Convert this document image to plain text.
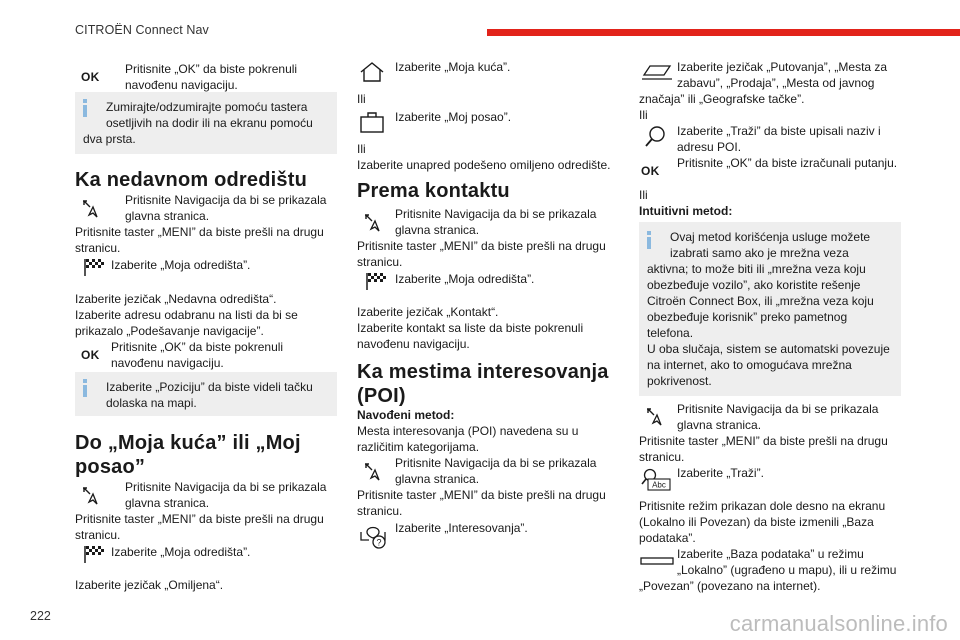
CITROËN Connect Nav
OK
Pritisnite „OK” da biste pokrenuli
navođenu navigaciju.
Zumirajte/odzumirajte pomoću tastera
osetljivih na dodir ili na ekranu pomoću
dva prsta.
Ka nedavnom odredištu
Pritisnite Navigacija da bi se prikazala
glavna stranica.
Pritisnite taster „MENI” da biste prešli na drugu
stranicu.
Izaberite „Moja odredišta”.
Izaberite jezičak „Nedavna odredišta“.
Izaberite adresu odabranu na listi da bi se
prikazalo „Podešavanje navigacije”.
OK
Pritisnite „OK” da biste pokrenuli
navođenu navigaciju.
Izaberite „Poziciju” da biste videli tačku
dolaska na mapi.
Do „Moja kuća” ili „Moj
posao”
Pritisnite Navigacija da bi se prikazala
glavna stranica.
Pritisnite taster „MENI” da biste prešli na drugu
stranicu.
Izaberite „Moja odredišta”.
Izaberite jezičak „Omiljena“.
Izaberite „Moja kuća”.
Ili
Izaberite „Moj posao”.
Ili
Izaberite unapred podešeno omiljeno odredište.
Prema kontaktu
Pritisnite Navigacija da bi se prikazala
glavna stranica.
Pritisnite taster „MENI” da biste prešli na drugu
stranicu.
Izaberite „Moja odredišta”.
Izaberite jezičak „Kontakt“.
Izaberite kontakt sa liste da biste pokrenuli
navođenu navigaciju.
Ka mestima interesovanja
(POI)
Navođeni metod:
Mesta interesovanja (POI) navedena su u
različitim kategorijama.
Pritisnite Navigacija da bi se prikazala
glavna stranica.
Pritisnite taster „MENI” da biste prešli na drugu
stranicu.
?
Izaberite „Interesovanja”.
Izaberite jezičak „Putovanja”, „Mesta za
zabavu”, „Prodaja”, „Mesta od javnog
značaja” ili „Geografske tačke”.
Ili
Izaberite „Traži” da biste upisali naziv i
adresu POI.
OK
Pritisnite „OK” da biste izračunali putanju.
Ili
Intuitivni metod:
Ovaj metod korišćenja usluge možete
izabrati samo ako je mrežna veza
aktivna; to može biti ili „mrežna veza koju
obezbeđuje vozilo”, ako koristite rešenje
Citroën Connect Box, ili „mrežna veza koju
obezbeđuje korisnik” preko pametnog
telefona.
U oba slučaja, sistem se automatski povezuje
na internet, ako to omogućava mrežna
pokrivenost.
Pritisnite Navigacija da bi se prikazala
glavna stranica.
Pritisnite taster „MENI” da biste prešli na drugu
stranicu.
Abc
Izaberite „Traži”.
Pritisnite režim prikazan dole desno na ekranu
(Lokalno ili Povezan) da biste izmenili „Baza
podataka”.
Izaberite „Baza podataka” u režimu
„Lokalno” (ugrađeno u mapu), ili u režimu
„Povezan” (povezano na internet).
222	carmanualsonline.info
